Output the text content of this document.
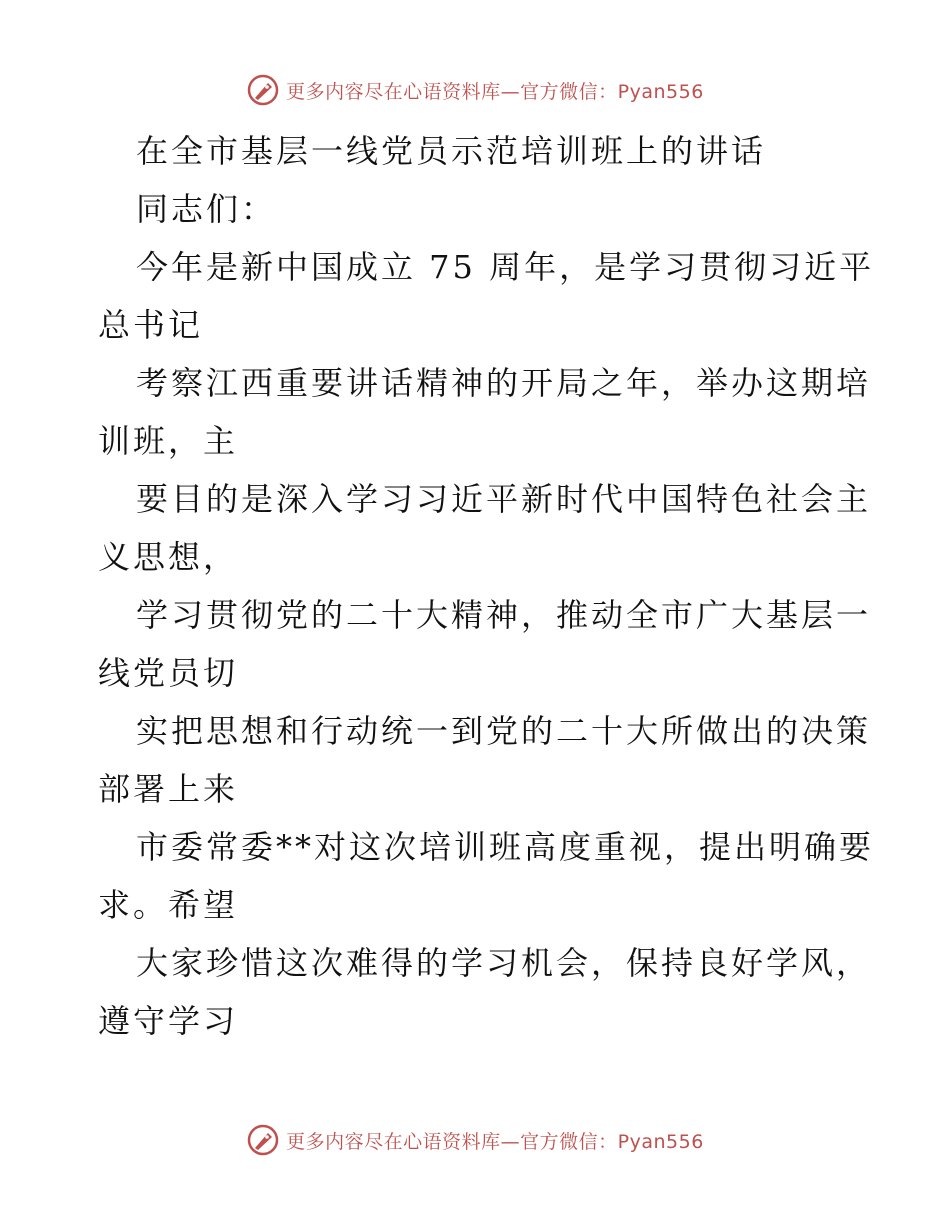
更多内容尽在心语资料库—官方微信：Pyan556
在全市基层一线党员示范培训班上的讲话
同志们：
今年是新中国成立 75 周年，是学习贯彻习近平
总书记
考察江西重要讲话精神的开局之年，举办这期培
训班，主
要目的是深入学习习近平新时代中国特色社会主
义思想，
学习贯彻党的二十大精神，推动全市广大基层一
线党员切
实把思想和行动统一到党的二十大所做出的决策
部署上来
市委常委**对这次培训班高度重视，提出明确要
求。希望
大家珍惜这次难得的学习机会，保持良好学风，
遵守学习
更多内容尽在心语资料库—官方微信：Pyan556
